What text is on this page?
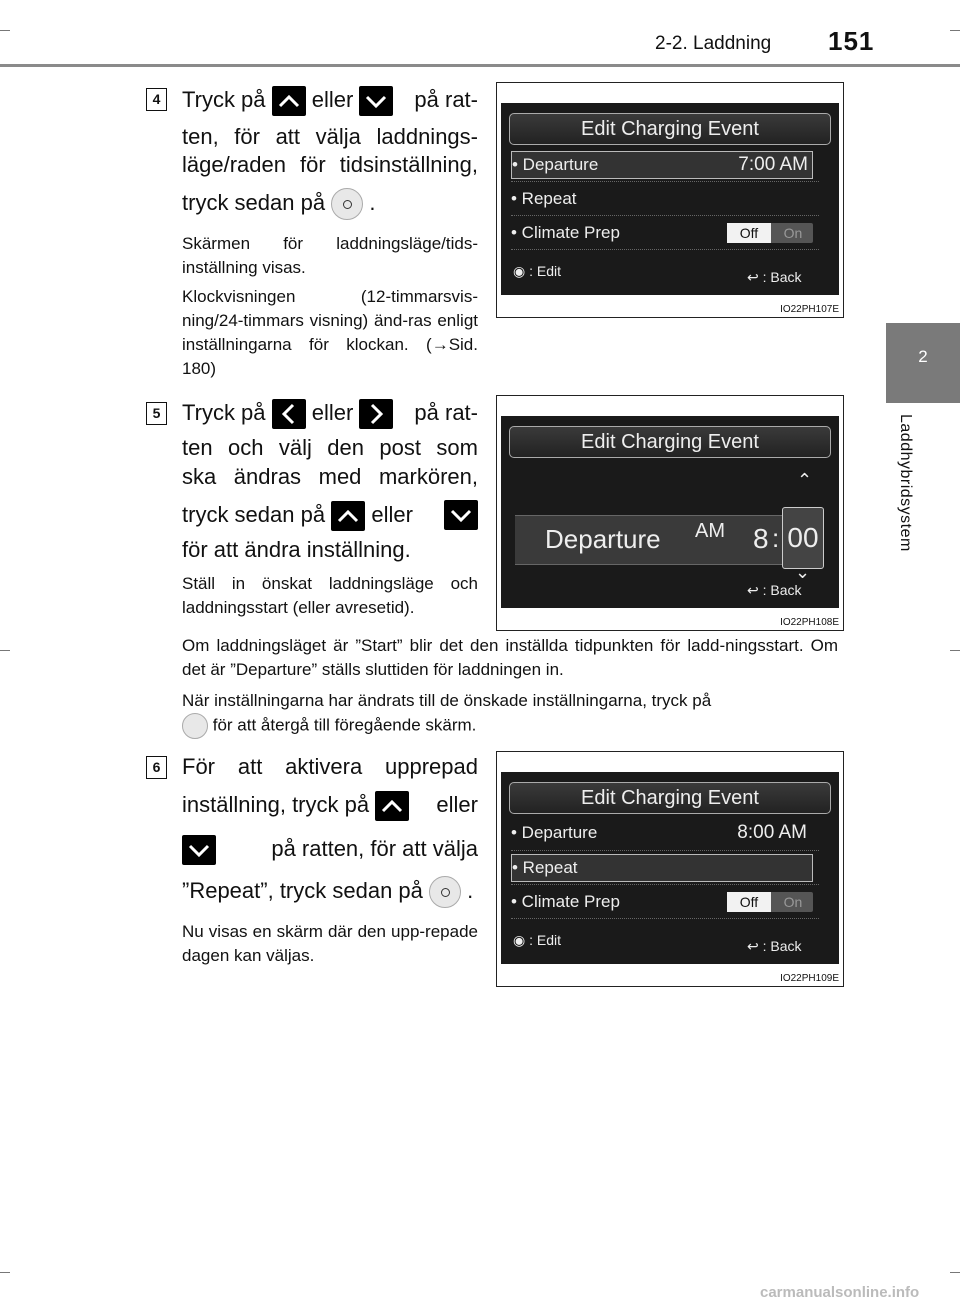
2-2. Laddning 151
2
Laddhybridsystem
4 Tryck på eller	på rat-
ten, för att välja laddnings-
läge/raden för tidsinställning,
tryck sedan på .
Skärmen för laddningsläge/tids-inställning visas.
Klockvisningen (12-timmarsvis-ning/24-timmars visning) änd-ras enligt inställningarna för klockan. (→Sid. 180)
Edit Charging Event
• Departure	7:00 AM
• Repeat
• Climate Prep	Off	On
◉ : Edit	↩ : Back
IO22PH107E
5 Tryck på eller	på rat-
ten och välj den post som
ska ändras med markören,
tryck sedan på eller
för att ändra inställning.
Ställ in önskat laddningsläge och laddningsstart (eller avresetid).
Edit Charging Event
⌃
Departure AM 8 : 00
⌄
↩ : Back
IO22PH108E
Om laddningsläget är ”Start” blir det den inställda tidpunkten för ladd-ningsstart. Om det är ”Departure” ställs sluttiden för laddningen in.
När inställningarna har ändrats till de önskade inställningarna, tryck på
för att återgå till föregående skärm.
6 För att aktivera upprepad
inställning, tryck på	eller
på ratten, för att välja
”Repeat”, tryck sedan på .
Nu visas en skärm där den upp-repade dagen kan väljas.
Edit Charging Event
• Departure	8:00 AM
• Repeat
• Climate Prep	Off	On
◉ : Edit	↩ : Back
IO22PH109E
carmanualsonline.info
